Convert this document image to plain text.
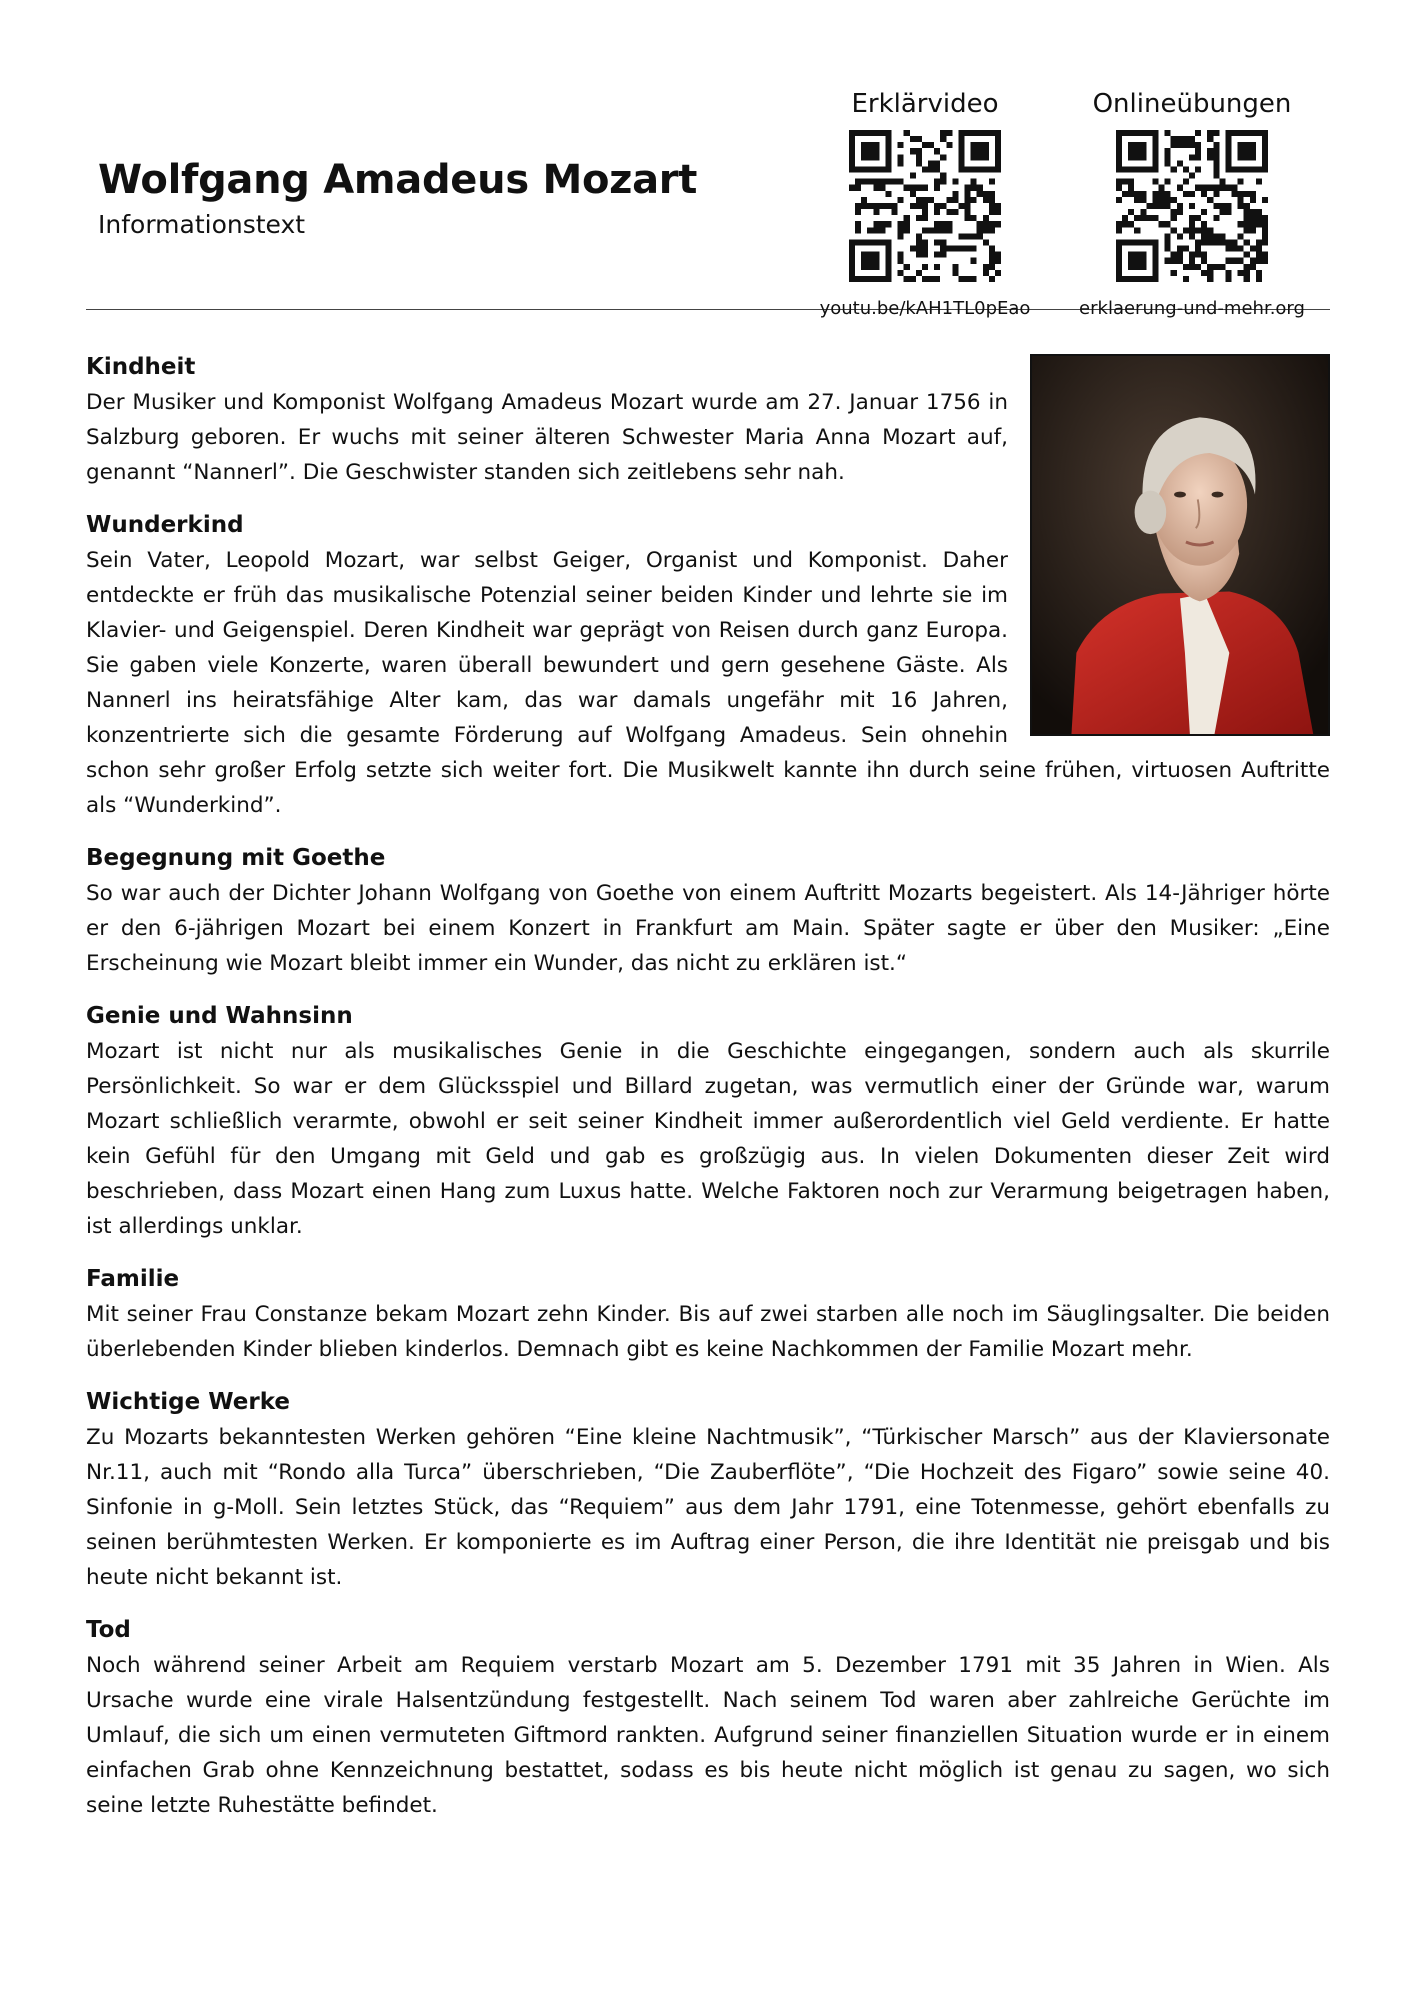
Wolfgang Amadeus Mozart
Informationstext
Erklärvideo
youtu.be/kAH1TL0pEao
Onlineübungen
erklaerung-und-mehr.org
Kindheit

Der Musiker und Komponist Wolfgang Amadeus Mozart wurde am 27. Januar 1756 in Salzburg geboren. Er wuchs mit seiner älteren Schwester Maria Anna Mozart auf, genannt “Nannerl”. Die Geschwister standen sich zeitlebens sehr nah.

Wunderkind

Sein Vater, Leopold Mozart, war selbst Geiger, Organist und Komponist. Daher entdeckte er früh das musikalische Potenzial seiner beiden Kinder und lehrte sie im Klavier- und Geigenspiel. Deren Kindheit war geprägt von Reisen durch ganz Europa. Sie gaben viele Konzerte, waren überall bewundert und gern gesehene Gäste. Als Nannerl ins heiratsfähige Alter kam, das war damals ungefähr mit 16 Jahren, konzentrierte sich die gesamte Förderung auf Wolfgang Amadeus. Sein ohnehin schon sehr großer Erfolg setzte sich weiter fort. Die Musikwelt kannte ihn durch seine frühen, virtuosen Auftritte als “Wunderkind”.

Begegnung mit Goethe

So war auch der Dichter Johann Wolfgang von Goethe von einem Auftritt Mozarts begeistert. Als 14-Jähriger hörte er den 6-jährigen Mozart bei einem Konzert in Frankfurt am Main. Später sagte er über den Musiker: „Eine Erscheinung wie Mozart bleibt immer ein Wunder, das nicht zu erklären ist.“

Genie und Wahnsinn

Mozart ist nicht nur als musikalisches Genie in die Geschichte eingegangen, sondern auch als skurrile Persönlichkeit. So war er dem Glücksspiel und Billard zugetan, was vermutlich einer der Gründe war, warum Mozart schließlich verarmte, obwohl er seit seiner Kindheit immer außerordentlich viel Geld verdiente. Er hatte kein Gefühl für den Umgang mit Geld und gab es großzügig aus. In vielen Dokumenten dieser Zeit wird beschrieben, dass Mozart einen Hang zum Luxus hatte. Welche Faktoren noch zur Verarmung beigetragen haben, ist allerdings unklar.

Familie

Mit seiner Frau Constanze bekam Mozart zehn Kinder. Bis auf zwei starben alle noch im Säuglingsalter. Die beiden überlebenden Kinder blieben kinderlos. Demnach gibt es keine Nachkommen der Familie Mozart mehr.

Wichtige Werke

Zu Mozarts bekanntesten Werken gehören “Eine kleine Nachtmusik”, “Türkischer Marsch” aus der Klaviersonate Nr.11, auch mit “Rondo alla Turca” überschrieben, “Die Zauberflöte”, “Die Hochzeit des Figaro” sowie seine 40. Sinfonie in g-Moll. Sein letztes Stück, das “Requiem” aus dem Jahr 1791, eine Totenmesse, gehört ebenfalls zu seinen berühmtesten Werken. Er komponierte es im Auftrag einer Person, die ihre Identität nie preisgab und bis heute nicht bekannt ist.

Tod

Noch während seiner Arbeit am Requiem verstarb Mozart am 5. Dezember 1791 mit 35 Jahren in Wien. Als Ursache wurde eine virale Halsentzündung festgestellt. Nach seinem Tod waren aber zahlreiche Gerüchte im Umlauf, die sich um einen vermuteten Giftmord rankten. Aufgrund seiner finanziellen Situation wurde er in einem einfachen Grab ohne Kennzeichnung bestattet, sodass es bis heute nicht möglich ist genau zu sagen, wo sich seine letzte Ruhestätte befindet.
